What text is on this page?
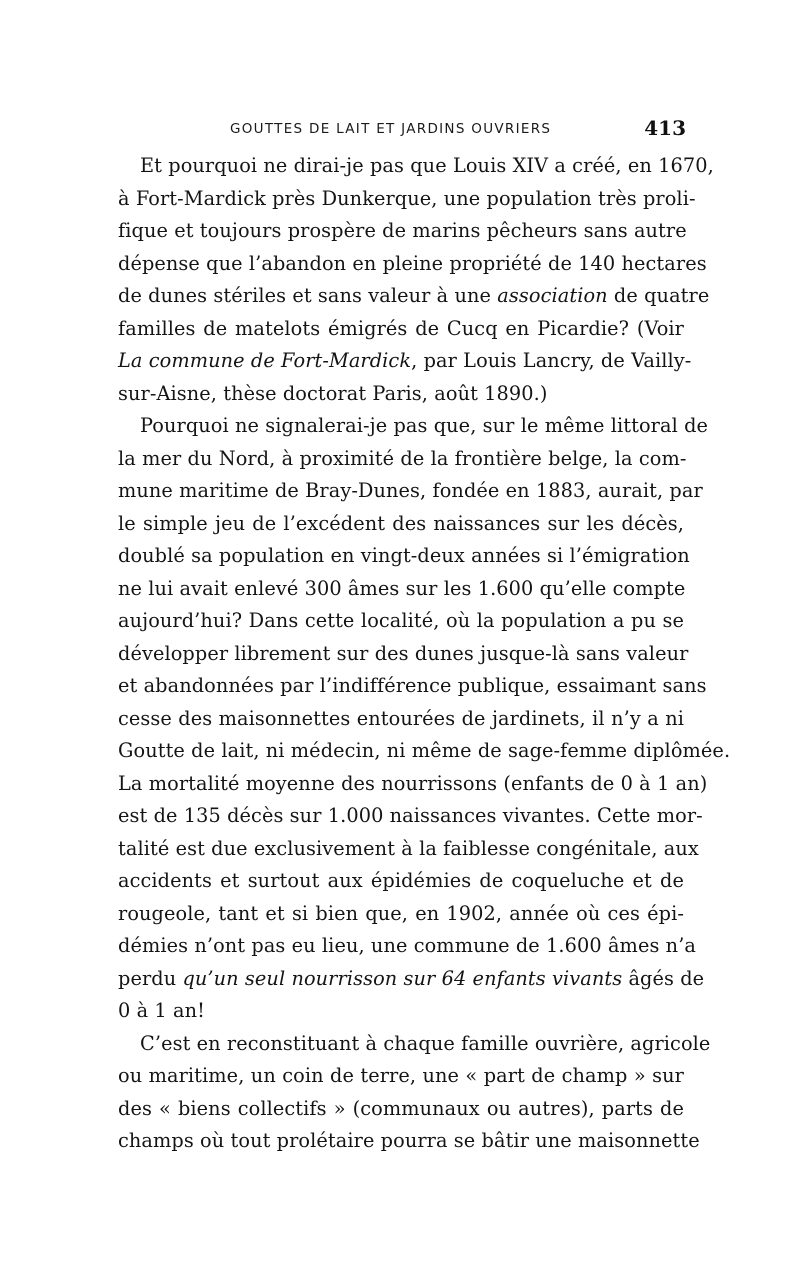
GOUTTES DE LAIT ET JARDINS OUVRIERS	413
Et pourquoi ne dirai-je pas que Louis XIV a créé, en 1670,
à Fort-Mardick près Dunkerque, une population très proli-
fique et toujours prospère de marins pêcheurs sans autre
dépense que l’abandon en pleine propriété de 140 hectares
de dunes stériles et sans valeur à une association de quatre
familles de matelots émigrés de Cucq en Picardie? (Voir
La commune de Fort-Mardick, par Louis Lancry, de Vailly-
sur-Aisne, thèse doctorat Paris, août 1890.)
Pourquoi ne signalerai-je pas que, sur le même littoral de
la mer du Nord, à proximité de la frontière belge, la com-
mune maritime de Bray-Dunes, fondée en 1883, aurait, par
le simple jeu de l’excédent des naissances sur les décès,
doublé sa population en vingt-deux années si l’émigration
ne lui avait enlevé 300 âmes sur les 1.600 qu’elle compte
aujourd’hui? Dans cette localité, où la population a pu se
développer librement sur des dunes jusque-là sans valeur
et abandonnées par l’indifférence publique, essaimant sans
cesse des maisonnettes entourées de jardinets, il n’y a ni
Goutte de lait, ni médecin, ni même de sage-femme diplômée.
La mortalité moyenne des nourrissons (enfants de 0 à 1 an)
est de 135 décès sur 1.000 naissances vivantes. Cette mor-
talité est due exclusivement à la faiblesse congénitale, aux
accidents et surtout aux épidémies de coqueluche et de
rougeole, tant et si bien que, en 1902, année où ces épi-
démies n’ont pas eu lieu, une commune de 1.600 âmes n’a
perdu qu’un seul nourrisson sur 64 enfants vivants âgés de
0 à 1 an!
C’est en reconstituant à chaque famille ouvrière, agricole
ou maritime, un coin de terre, une « part de champ » sur
des « biens collectifs » (communaux ou autres), parts de
champs où tout prolétaire pourra se bâtir une maisonnette
